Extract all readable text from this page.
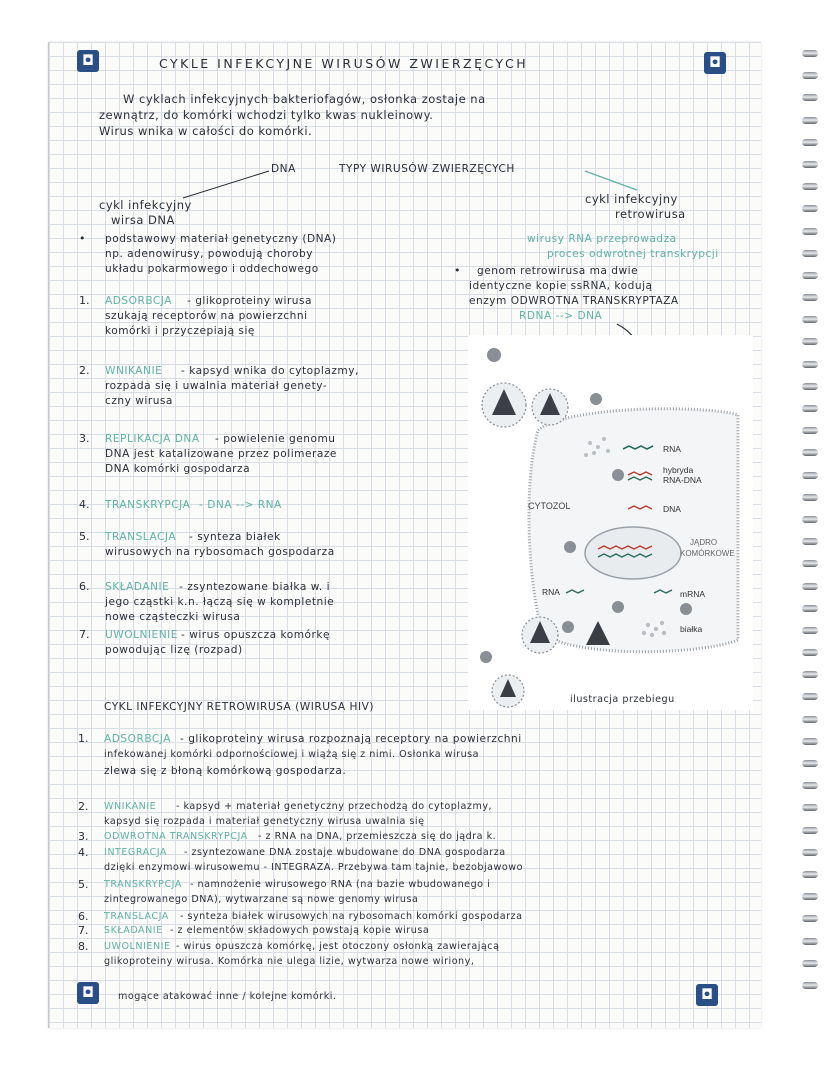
◘	◘
◘	◘
CYKLE INFEKCYJNE WIRUSÓW ZWIERZĘCYCH
W cyklach infekcyjnych bakteriofagów, osłonka zostaje na
zewnątrz, do komórki wchodzi tylko kwas nukleinowy.
Wirus wnika w całości do komórki.
DNA	TYPY WIRUSÓW ZWIERZĘCYCH
cykl infekcyjny
wirsa DNA
cykl infekcyjny
retrowirusa
• podstawowy materiał genetyczny (DNA)
np. adenowirusy, powodują choroby
układu pokarmowego i oddechowego
wirusy RNA przeprowadza
proces odwrotnej transkrypcji
• genom retrowirusa ma dwie
identyczne kopie ssRNA, kodują
enzym ODWROTNA TRANSKRYPTAZA
RDNA --> DNA
1. ADSORBCJA - glikoproteiny wirusa
szukają receptorów na powierzchni
komórki i przyczepiają się
2. WNIKANIE - kapsyd wnika do cytoplazmy,
rozpada się i uwalnia materiał genety-
czny wirusa
3. REPLIKACJA DNA - powielenie genomu
DNA jest katalizowane przez polimeraze
DNA komórki gospodarza
4. TRANSKRYPCJA - DNA --> RNA
5. TRANSLACJA - synteza białek
wirusowych na rybosomach gospodarza
6. SKŁADANIE - zsyntezowane białka w. i
jego cząstki k.n. łączą się w kompletnie
nowe cząsteczki wirusa
7. UWOLNIENIE - wirus opuszcza komórkę
powodując lizę (rozpad)
RNA
hybryda
RNA-DNA
CYTOZOL	DNA
JĄDRO
KOMÓRKOWE
RNA	mRNA
białka
ilustracja przebiegu
CYKL INFEKCYJNY RETROWIRUSA (WIRUSA HIV)
1. ADSORBCJA - glikoproteiny wirusa rozpoznają receptory na powierzchni
infekowanej komórki odpornościowej i wiążą się z nimi. Osłonka wirusa
zlewa się z błoną komórkową gospodarza.
2. WNIKANIE - kapsyd + materiał genetyczny przechodzą do cytoplazmy,
kapsyd się rozpada i materiał genetyczny wirusa uwalnia się
3. ODWROTNA TRANSKRYPCJA - z RNA na DNA, przemieszcza się do jądra k.
4. INTEGRACJA - zsyntezowane DNA zostaje wbudowane do DNA gospodarza
dzięki enzymowi wirusowemu - INTEGRAZA. Przebywa tam tajnie, bezobjawowo
5. TRANSKRYPCJA - namnożenie wirusowego RNA (na bazie wbudowanego i
zintegrowanego DNA), wytwarzane są nowe genomy wirusa
6. TRANSLACJA - synteza białek wirusowych na rybosomach komórki gospodarza
7. SKŁADANIE - z elementów składowych powstają kopie wirusa
8. UWOLNIENIE - wirus opuszcza komórkę, jest otoczony osłonką zawierającą
glikoproteiny wirusa. Komórka nie ulega lizie, wytwarza nowe wiriony,
mogące atakować inne / kolejne komórki.
